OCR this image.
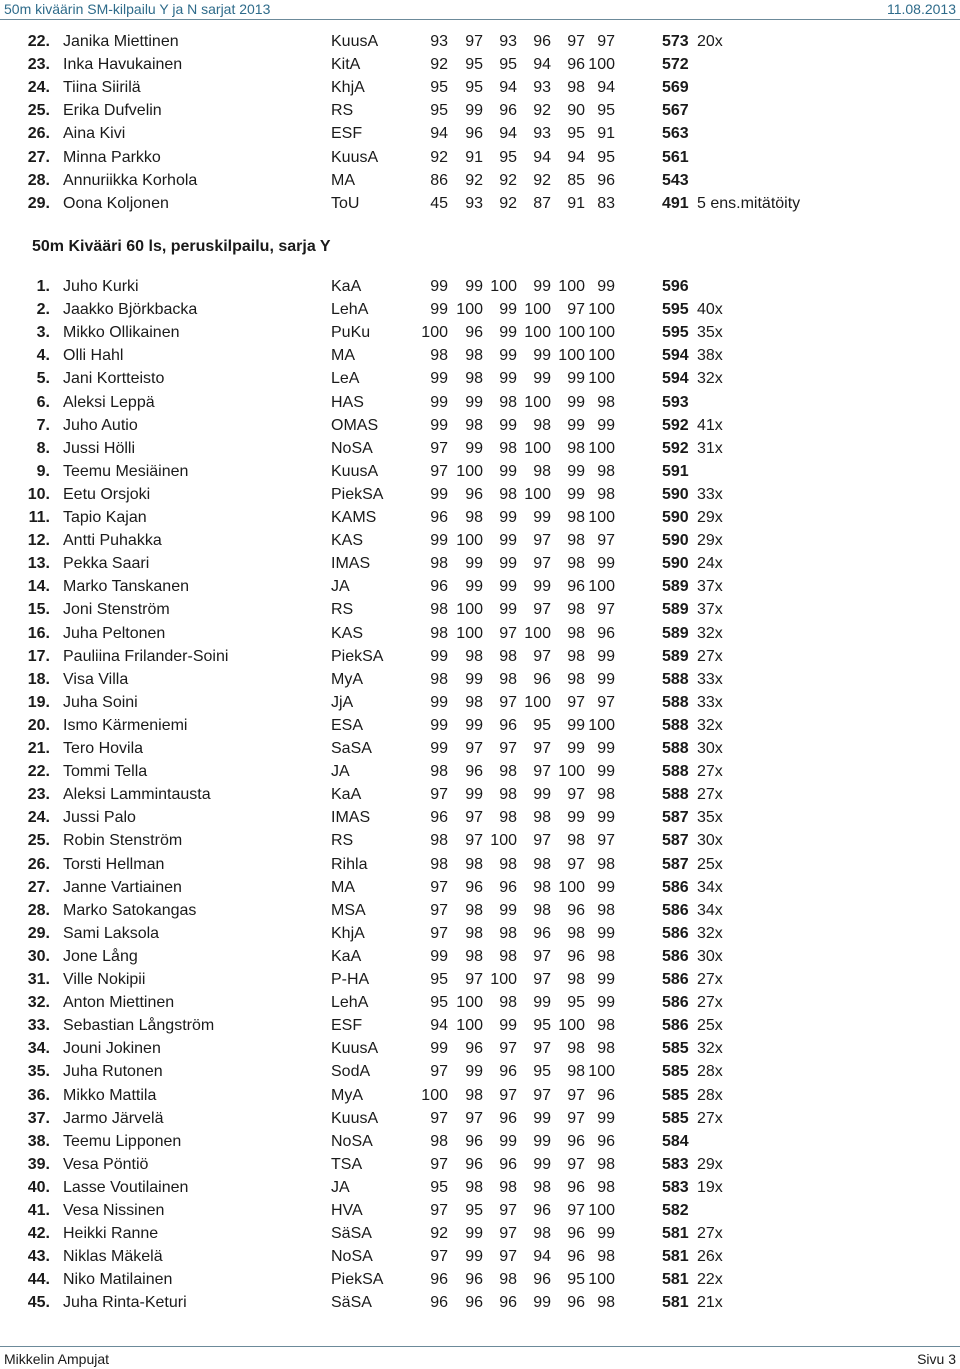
50m kiväärin SM-kilpailu Y ja N sarjat 2013	11.08.2013
22. Janika Miettinen	KuusA	93	97	93	96	97 97	573 20x
23. Inka Havukainen	KitA	92	95	95	94	96 100	572
24. Tiina Siirilä	KhjA	95	95	94	93	98 94	569
25. Erika Dufvelin	RS	95	99	96	92	90 95	567
26. Aina Kivi	ESF	94	96	94	93	95 91	563
27. Minna Parkko	KuusA	92	91	95	94	94 95	561
28. Annuriikka Korhola	MA	86	92	92	92	85 96	543
29. Oona Koljonen	ToU	45	93	92	87	91 83	491 5 ens.mitätöity
50m Kivääri 60 ls, peruskilpailu, sarja Y
1. Juho Kurki	KaA	99	99 100	99 100 99	596
2. Jaakko Björkbacka	LehA	99 100	99 100	97 100	595 40x
3. Mikko Ollikainen	PuKu	100	96	99 100 100 100	595 35x
4. Olli Hahl	MA	98	98	99	99 100 100	594 38x
5. Jani Kortteisto	LeA	99	98	99	99	99 100	594 32x
6. Aleksi Leppä	HAS	99	99	98 100	99 98	593
7. Juho Autio	OMAS	99	98	99	98	99 99	592 41x
8. Jussi Hölli	NoSA	97	99	98 100	98 100	592 31x
9. Teemu Mesiäinen	KuusA	97 100	99	98	99 98	591
10. Eetu Orsjoki	PiekSA	99	96	98 100	99 98	590 33x
11. Tapio Kajan	KAMS	96	98	99	99	98 100	590 29x
12. Antti Puhakka	KAS	99 100	99	97	98 97	590 29x
13. Pekka Saari	IMAS	98	99	99	97	98 99	590 24x
14. Marko Tanskanen	JA	96	99	99	99	96 100	589 37x
15. Joni Stenström	RS	98 100	99	97	98 97	589 37x
16. Juha Peltonen	KAS	98 100	97 100	98 96	589 32x
17. Pauliina Frilander-Soini	PiekSA	99	98	98	97	98 99	589 27x
18. Visa Villa	MyA	98	99	98	96	98 99	588 33x
19. Juha Soini	JjA	99	98	97 100	97 97	588 33x
20. Ismo Kärmeniemi	ESA	99	99	96	95	99 100	588 32x
21. Tero Hovila	SaSA	99	97	97	97	99 99	588 30x
22. Tommi Tella	JA	98	96	98	97 100 99	588 27x
23. Aleksi Lammintausta	KaA	97	99	98	99	97 98	588 27x
24. Jussi Palo	IMAS	96	97	98	98	99 99	587 35x
25. Robin Stenström	RS	98	97 100	97	98 97	587 30x
26. Torsti Hellman	Rihla	98	98	98	98	97 98	587 25x
27. Janne Vartiainen	MA	97	96	96	98 100 99	586 34x
28. Marko Satokangas	MSA	97	98	99	98	96 98	586 34x
29. Sami Laksola	KhjA	97	98	98	96	98 99	586 32x
30. Jone Lång	KaA	99	98	98	97	96 98	586 30x
31. Ville Nokipii	P-HA	95	97 100	97	98 99	586 27x
32. Anton Miettinen	LehA	95 100	98	99	95 99	586 27x
33. Sebastian Långström	ESF	94 100	99	95 100 98	586 25x
34. Jouni Jokinen	KuusA	99	96	97	97	98 98	585 32x
35. Juha Rutonen	SodA	97	99	96	95	98 100	585 28x
36. Mikko Mattila	MyA	100	98	97	97	97 96	585 28x
37. Jarmo Järvelä	KuusA	97	97	96	99	97 99	585 27x
38. Teemu Lipponen	NoSA	98	96	99	99	96 96	584
39. Vesa Pöntiö	TSA	97	96	96	99	97 98	583 29x
40. Lasse Voutilainen	JA	95	98	98	98	96 98	583 19x
41. Vesa Nissinen	HVA	97	95	97	96	97 100	582
42. Heikki Ranne	SäSA	92	99	97	98	96 99	581 27x
43. Niklas Mäkelä	NoSA	97	99	97	94	96 98	581 26x
44. Niko Matilainen	PiekSA	96	96	98	96	95 100	581 22x
45. Juha Rinta-Keturi	SäSA	96	96	96	99	96 98	581 21x
Mikkelin Ampujat	Sivu 3
